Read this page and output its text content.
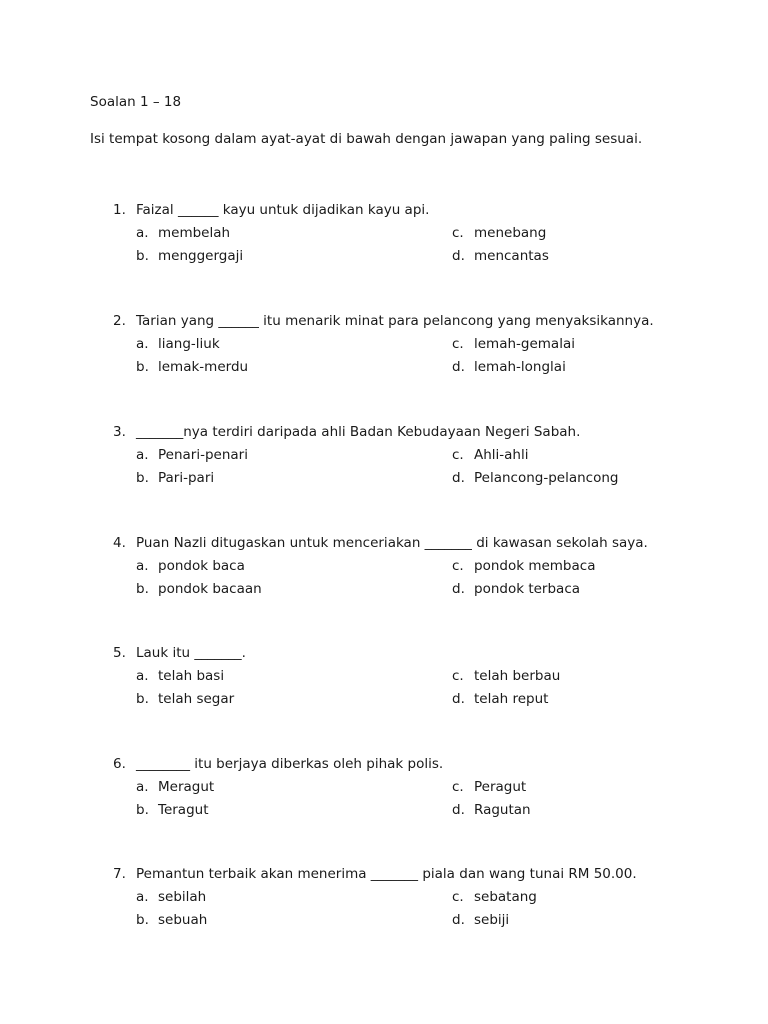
Soalan 1 – 18
Isi tempat kosong dalam ayat-ayat di bawah dengan jawapan yang paling sesuai.
1. Faizal ______ kayu untuk dijadikan kayu api.
a. membelah
b. menggergaji
c. menebang
d. mencantas
2. Tarian yang ______ itu menarik minat para pelancong yang menyaksikannya.
a. liang-liuk
b. lemak-merdu
c. lemah-gemalai
d. lemah-longlai
3. _______nya terdiri daripada ahli Badan Kebudayaan Negeri Sabah.
a. Penari-penari
b. Pari-pari
c. Ahli-ahli
d. Pelancong-pelancong
4. Puan Nazli ditugaskan untuk menceriakan _______ di kawasan sekolah saya.
a. pondok baca
b. pondok bacaan
c. pondok membaca
d. pondok terbaca
5. Lauk itu _______.
a. telah basi
b. telah segar
c. telah berbau
d. telah reput
6. ________ itu berjaya diberkas oleh pihak polis.
a. Meragut
b. Teragut
c. Peragut
d. Ragutan
7. Pemantun terbaik akan menerima _______ piala dan wang tunai RM 50.00.
a. sebilah
b. sebuah
c. sebatang
d. sebiji
